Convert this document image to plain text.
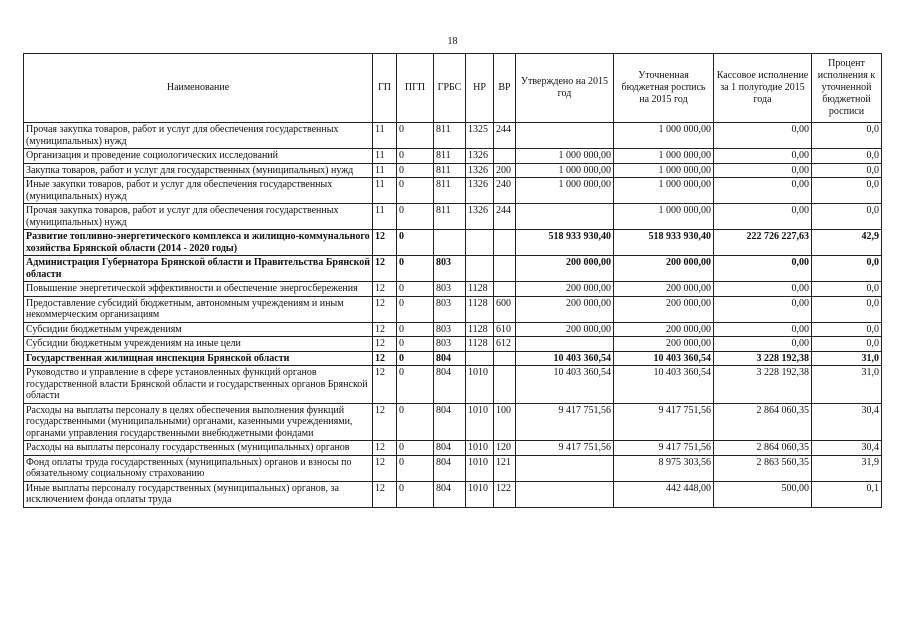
18
Наименование	ГП	ПГП	ГРБС	НР	ВР	Утверждено на 2015 год	Уточненная бюджетная роспись на 2015 год	Кассовое исполнение за 1 полугодие 2015 года	Процент исполнения к уточненной бюджетной росписи
Прочая закупка товаров, работ и услуг для обеспечения государственных (муниципальных) нужд	11	0	811	1325	244		1 000 000,00	0,00	0,0
Организация и проведение социологических исследований	11	0	811	1326		1 000 000,00	1 000 000,00	0,00	0,0
Закупка товаров, работ и услуг для государственных (муниципальных) нужд	11	0	811	1326	200	1 000 000,00	1 000 000,00	0,00	0,0
Иные закупки товаров, работ и услуг для обеспечения государственных (муниципальных) нужд	11	0	811	1326	240	1 000 000,00	1 000 000,00	0,00	0,0
Прочая закупка товаров, работ и услуг для обеспечения государственных (муниципальных) нужд	11	0	811	1326	244		1 000 000,00	0,00	0,0
Развитие топливно-энергетического комплекса и жилищно-коммунального хозяйства Брянской области (2014 - 2020 годы)	12	0				518 933 930,40	518 933 930,40	222 726 227,63	42,9
Администрация Губернатора Брянской области и Правительства Брянской области	12	0	803			200 000,00	200 000,00	0,00	0,0
Повышение энергетической эффективности и обеспечение энергосбережения	12	0	803	1128		200 000,00	200 000,00	0,00	0,0
Предоставление субсидий бюджетным, автономным учреждениям и иным некоммерческим организациям	12	0	803	1128	600	200 000,00	200 000,00	0,00	0,0
Субсидии бюджетным учреждениям	12	0	803	1128	610	200 000,00	200 000,00	0,00	0,0
Субсидии бюджетным учреждениям на иные цели	12	0	803	1128	612		200 000,00	0,00	0,0
Государственная жилищная инспекция Брянской области	12	0	804			10 403 360,54	10 403 360,54	3 228 192,38	31,0
Руководство и управление в сфере установленных функций органов государственной власти Брянской области и государственных органов Брянской области	12	0	804	1010		10 403 360,54	10 403 360,54	3 228 192,38	31,0
Расходы на выплаты персоналу в целях обеспечения выполнения функций государственными (муниципальными) органами, казенными учреждениями, органами управления государственными внебюджетными фондами	12	0	804	1010	100	9 417 751,56	9 417 751,56	2 864 060,35	30,4
Расходы на выплаты персоналу государственных (муниципальных) органов	12	0	804	1010	120	9 417 751,56	9 417 751,56	2 864 060,35	30,4
Фонд оплаты труда государственных (муниципальных) органов и взносы по обязательному социальному страхованию	12	0	804	1010	121		8 975 303,56	2 863 560,35	31,9
Иные выплаты персоналу государственных (муниципальных) органов, за исключением фонда оплаты труда	12	0	804	1010	122		442 448,00	500,00	0,1
